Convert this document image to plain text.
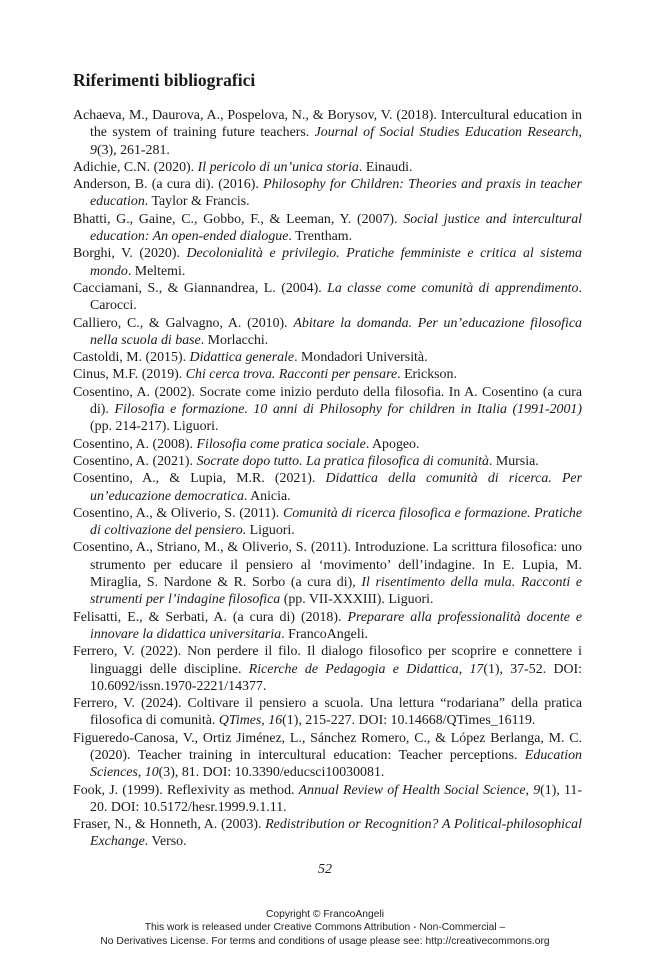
Riferimenti bibliografici
Achaeva, M., Daurova, A., Pospelova, N., & Borysov, V. (2018). Intercultural education in the system of training future teachers. Journal of Social Studies Education Research, 9(3), 261-281.
Adichie, C.N. (2020). Il pericolo di un’unica storia. Einaudi.
Anderson, B. (a cura di). (2016). Philosophy for Children: Theories and praxis in teacher education. Taylor & Francis.
Bhatti, G., Gaine, C., Gobbo, F., & Leeman, Y. (2007). Social justice and intercultural education: An open-ended dialogue. Trentham.
Borghi, V. (2020). Decolonialità e privilegio. Pratiche femministe e critica al sistema mondo. Meltemi.
Cacciamani, S., & Giannandrea, L. (2004). La classe come comunità di apprendimento. Carocci.
Calliero, C., & Galvagno, A. (2010). Abitare la domanda. Per un’educazione filosofica nella scuola di base. Morlacchi.
Castoldi, M. (2015). Didattica generale. Mondadori Università.
Cinus, M.F. (2019). Chi cerca trova. Racconti per pensare. Erickson.
Cosentino, A. (2002). Socrate come inizio perduto della filosofia. In A. Cosentino (a cura di). Filosofia e formazione. 10 anni di Philosophy for children in Italia (1991-2001) (pp. 214-217). Liguori.
Cosentino, A. (2008). Filosofia come pratica sociale. Apogeo.
Cosentino, A. (2021). Socrate dopo tutto. La pratica filosofica di comunità. Mursia.
Cosentino, A., & Lupia, M.R. (2021). Didattica della comunità di ricerca. Per un’educazione democratica. Anicia.
Cosentino, A., & Oliverio, S. (2011). Comunità di ricerca filosofica e formazione. Pratiche di coltivazione del pensiero. Liguori.
Cosentino, A., Striano, M., & Oliverio, S. (2011). Introduzione. La scrittura filosofica: uno strumento per educare il pensiero al ‘movimento’ dell’indagine. In E. Lupia, M. Miraglia, S. Nardone & R. Sorbo (a cura di), Il risentimento della mula. Racconti e strumenti per l’indagine filosofica (pp. VII-XXXIII). Liguori.
Felisatti, E., & Serbati, A. (a cura di) (2018). Preparare alla professionalità docente e innovare la didattica universitaria. FrancoAngeli.
Ferrero, V. (2022). Non perdere il filo. Il dialogo filosofico per scoprire e connettere i linguaggi delle discipline. Ricerche de Pedagogia e Didattica, 17(1), 37-52. DOI: 10.6092/issn.1970-2221/14377.
Ferrero, V. (2024). Coltivare il pensiero a scuola. Una lettura “rodariana” della pratica filosofica di comunità. QTimes, 16(1), 215-227. DOI: 10.14668/QTimes_16119.
Figueredo-Canosa, V., Ortiz Jiménez, L., Sánchez Romero, C., & López Berlanga, M. C. (2020). Teacher training in intercultural education: Teacher perceptions. Education Sciences, 10(3), 81. DOI: 10.3390/educsci10030081.
Fook, J. (1999). Reflexivity as method. Annual Review of Health Social Science, 9(1), 11-20. DOI: 10.5172/hesr.1999.9.1.11.
Fraser, N., & Honneth, A. (2003). Redistribution or Recognition? A Political-philosophical Exchange. Verso.
52
Copyright © FrancoAngeli
This work is released under Creative Commons Attribution - Non-Commercial –
No Derivatives License. For terms and conditions of usage please see: http://creativecommons.org
